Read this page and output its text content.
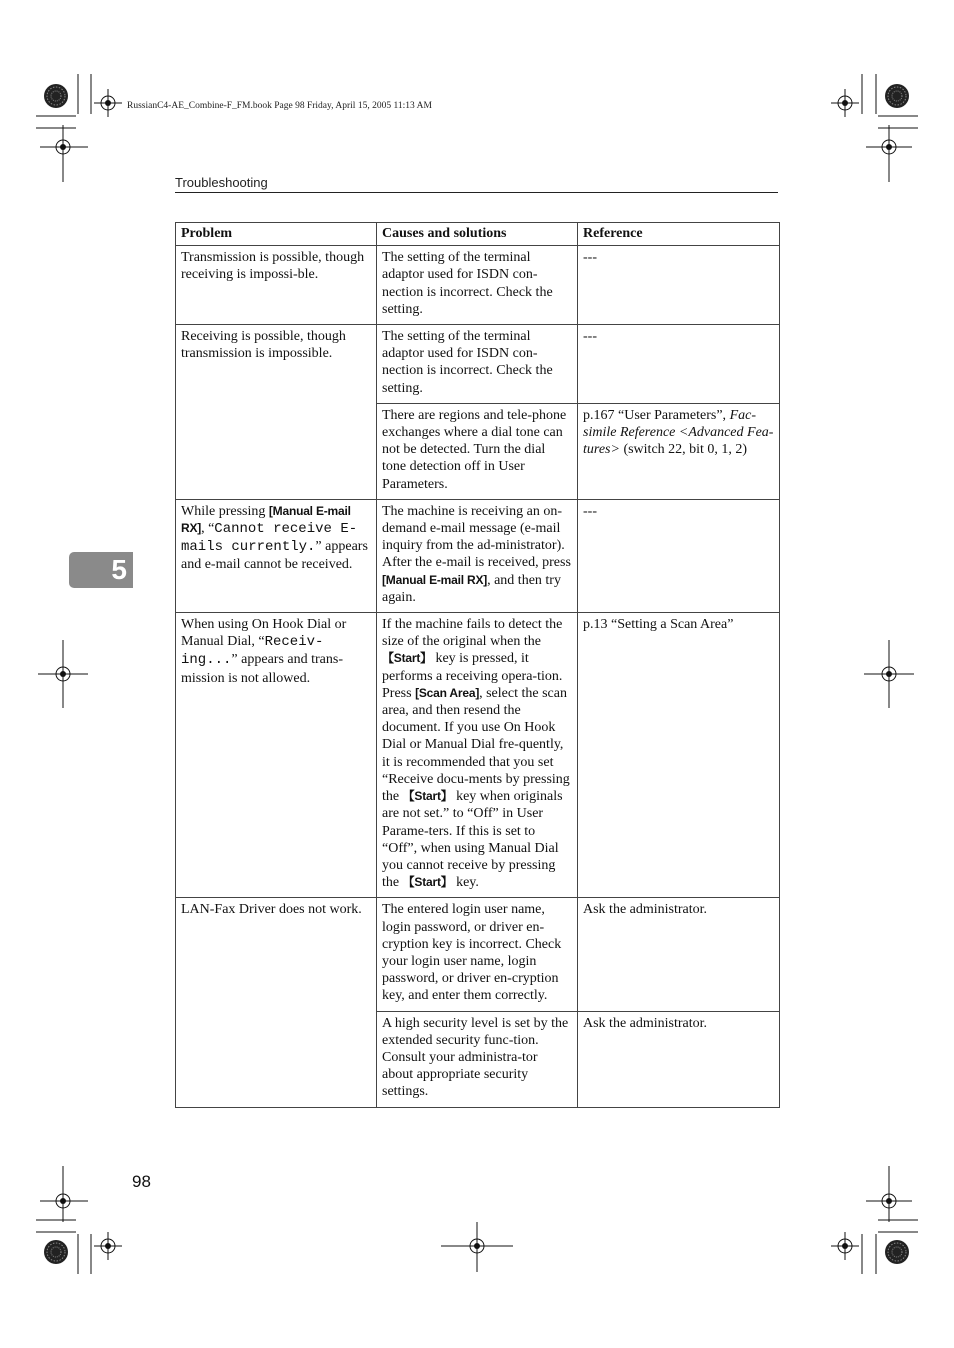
RussianC4-AE_Combine-F_FM.book Page 98 Friday, April 15, 2005 11:13 AM
Troubleshooting
5
Problem	Causes and solutions	Reference
Transmission is possible, though receiving is impossi-ble.	The setting of the terminal adaptor used for ISDN con-nection is incorrect. Check the setting.	---
Receiving is possible, though transmission is impossible.	The setting of the terminal adaptor used for ISDN con-nection is incorrect. Check the setting.	---
	There are regions and tele-phone exchanges where a dial tone can not be detected. Turn the dial tone detection off in User Parameters.	p.167 “User Parameters”, Fac-simile Reference <Advanced Fea-tures> (switch 22, bit 0, 1, 2)
While pressing [Manual E-mail RX], “Cannot receive E-mails currently.” appears and e-mail cannot be received.	The machine is receiving an on-demand e-mail message (e-mail inquiry from the ad-ministrator). After the e-mail is received, press [Manual E-mail RX], and then try again.	---
When using On Hook Dial or Manual Dial, “Receiv-ing...” appears and trans-mission is not allowed.	If the machine fails to detect the size of the original when the 【Start】 key is pressed, it performs a receiving opera-tion. Press [Scan Area], select the scan area, and then resend the document. If you use On Hook Dial or Manual Dial fre-quently, it is recommended that you set “Receive docu-ments by pressing the 【Start】 key when originals are not set.” to “Off” in User Parame-ters. If this is set to “Off”, when using Manual Dial you cannot receive by pressing the 【Start】 key.	p.13 “Setting a Scan Area”
LAN-Fax Driver does not work.	The entered login user name, login password, or driver en-cryption key is incorrect. Check your login user name, login password, or driver en-cryption key, and enter them correctly.	Ask the administrator.
	A high security level is set by the extended security func-tion. Consult your administra-tor about appropriate security settings.	Ask the administrator.
98
